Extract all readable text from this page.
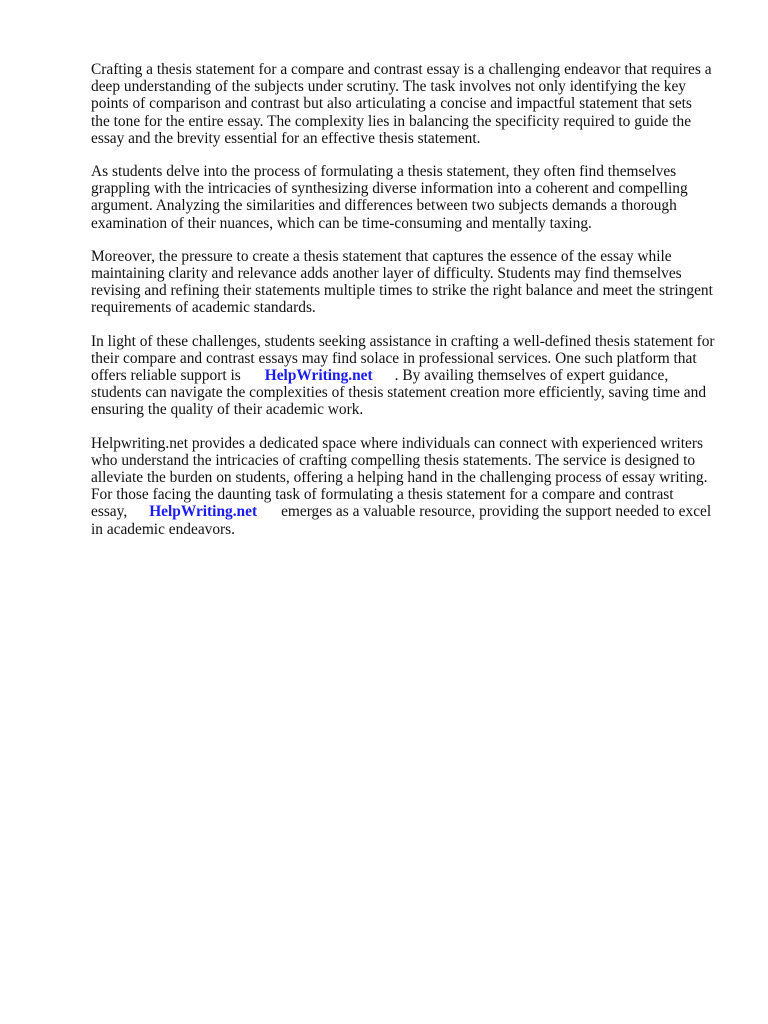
Crafting a thesis statement for a compare and contrast essay is a challenging endeavor that requires a
deep understanding of the subjects under scrutiny. The task involves not only identifying the key
points of comparison and contrast but also articulating a concise and impactful statement that sets
the tone for the entire essay. The complexity lies in balancing the specificity required to guide the
essay and the brevity essential for an effective thesis statement.

As students delve into the process of formulating a thesis statement, they often find themselves
grappling with the intricacies of synthesizing diverse information into a coherent and compelling
argument. Analyzing the similarities and differences between two subjects demands a thorough
examination of their nuances, which can be time-consuming and mentally taxing.

Moreover, the pressure to create a thesis statement that captures the essence of the essay while
maintaining clarity and relevance adds another layer of difficulty. Students may find themselves
revising and refining their statements multiple times to strike the right balance and meet the stringent
requirements of academic standards.

In light of these challenges, students seeking assistance in crafting a well-defined thesis statement for
their compare and contrast essays may find solace in professional services. One such platform that
offers reliable support is HelpWriting.net . By availing themselves of expert guidance,
students can navigate the complexities of thesis statement creation more efficiently, saving time and
ensuring the quality of their academic work.

Helpwriting.net provides a dedicated space where individuals can connect with experienced writers
who understand the intricacies of crafting compelling thesis statements. The service is designed to
alleviate the burden on students, offering a helping hand in the challenging process of essay writing.
For those facing the daunting task of formulating a thesis statement for a compare and contrast
essay, HelpWriting.net emerges as a valuable resource, providing the support needed to excel
in academic endeavors.
